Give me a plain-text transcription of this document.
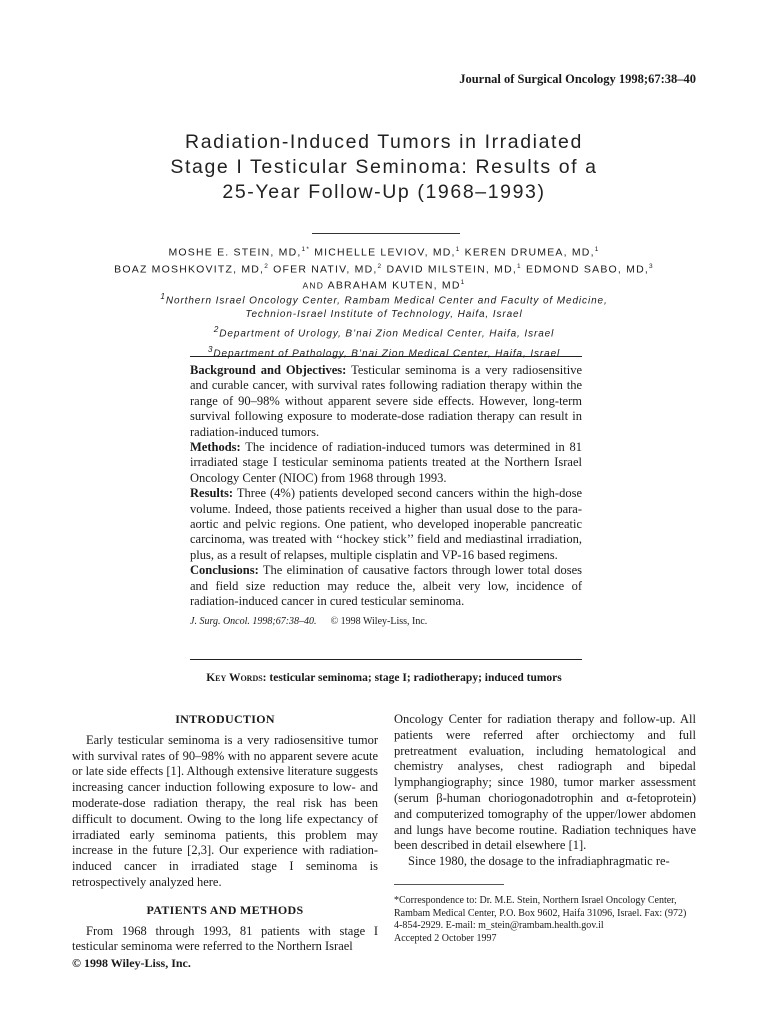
Journal of Surgical Oncology 1998;67:38–40
Radiation-Induced Tumors in Irradiated
Stage I Testicular Seminoma: Results of a
25-Year Follow-Up (1968–1993)
MOSHE E. STEIN, MD,$^{1*}$ MICHELLE LEVIOV, MD,$^1$ KEREN DRUMEA, MD,$^1$
BOAZ MOSHKOVITZ, MD,$^2$ OFER NATIV, MD,$^2$ DAVID MILSTEIN, MD,$^1$ EDMOND SABO, MD,$^3$
AND ABRAHAM KUTEN, $MD^1$
$^1$Northern Israel Oncology Center, Rambam Medical Center and Faculty of Medicine,
Technion-Israel Institute of Technology, Haifa, Israel
$^2$Department of Urology, B’nai Zion Medical Center, Haifa, Israel
$^3$Department of Pathology, B’nai Zion Medical Center, Haifa, Israel

Background and Objectives: Testicular seminoma is a very radiosensitive and curable cancer, with survival rates following radiation therapy within the range of 90–98% without apparent severe side effects. However, long-term survival following exposure to moderate-dose radiation therapy can result in radiation-induced tumors.

Methods: The incidence of radiation-induced tumors was determined in 81 irradiated stage I testicular seminoma patients treated at the Northern Israel Oncology Center (NIOC) from 1968 through 1993.

Results: Three (4%) patients developed second cancers within the high-dose volume. Indeed, those patients received a higher than usual dose to the para-aortic and pelvic regions. One patient, who developed inoperable pancreatic carcinoma, was treated with ‘‘hockey stick’’ field and mediastinal irradiation, plus, as a result of relapses, multiple cisplatin and VP-16 based regimens.

Conclusions: The elimination of causative factors through lower total doses and field size reduction may reduce the, albeit very low, incidence of radiation-induced cancer in cured testicular seminoma.

J. Surg. Oncol. 1998;67:38–40. © 1998 Wiley-Liss, Inc.
Key Words: testicular seminoma; stage I; radiotherapy; induced tumors
INTRODUCTION

Early testicular seminoma is a very radiosensitive tumor with survival rates of 90–98% with no apparent severe acute or late side effects [1]. Although extensive literature suggests increasing cancer induction following exposure to low- and moderate-dose radiation therapy, the real risk has been difficult to document. Owing to the long life expectancy of irradiated early seminoma patients, this problem may increase in the future [2,3]. Our experience with radiation-induced cancer in irradiated stage I seminoma is retrospectively analyzed here.

PATIENTS AND METHODS

From 1968 through 1993, 81 patients with stage I testicular seminoma were referred to the Northern Israel

Oncology Center for radiation therapy and follow-up. All patients were referred after orchiectomy and full pretreatment evaluation, including hematological and chemistry analyses, chest radiograph and bipedal lymphangiography; since 1980, tumor marker assessment (serum β-human choriogonadotrophin and α-fetoprotein) and computerized tomography of the upper/lower abdomen and lungs have become routine. Radiation techniques have been described in detail elsewhere [1].

Since 1980, the dosage to the infradiaphragmatic re-

*Correspondence to: Dr. M.E. Stein, Northern Israel Oncology Center, Rambam Medical Center, P.O. Box 9602, Haifa 31096, Israel. Fax: (972) 4-854-2929. E-mail: m_stein@rambam.health.gov.il
Accepted 2 October 1997
© 1998 Wiley-Liss, Inc.
